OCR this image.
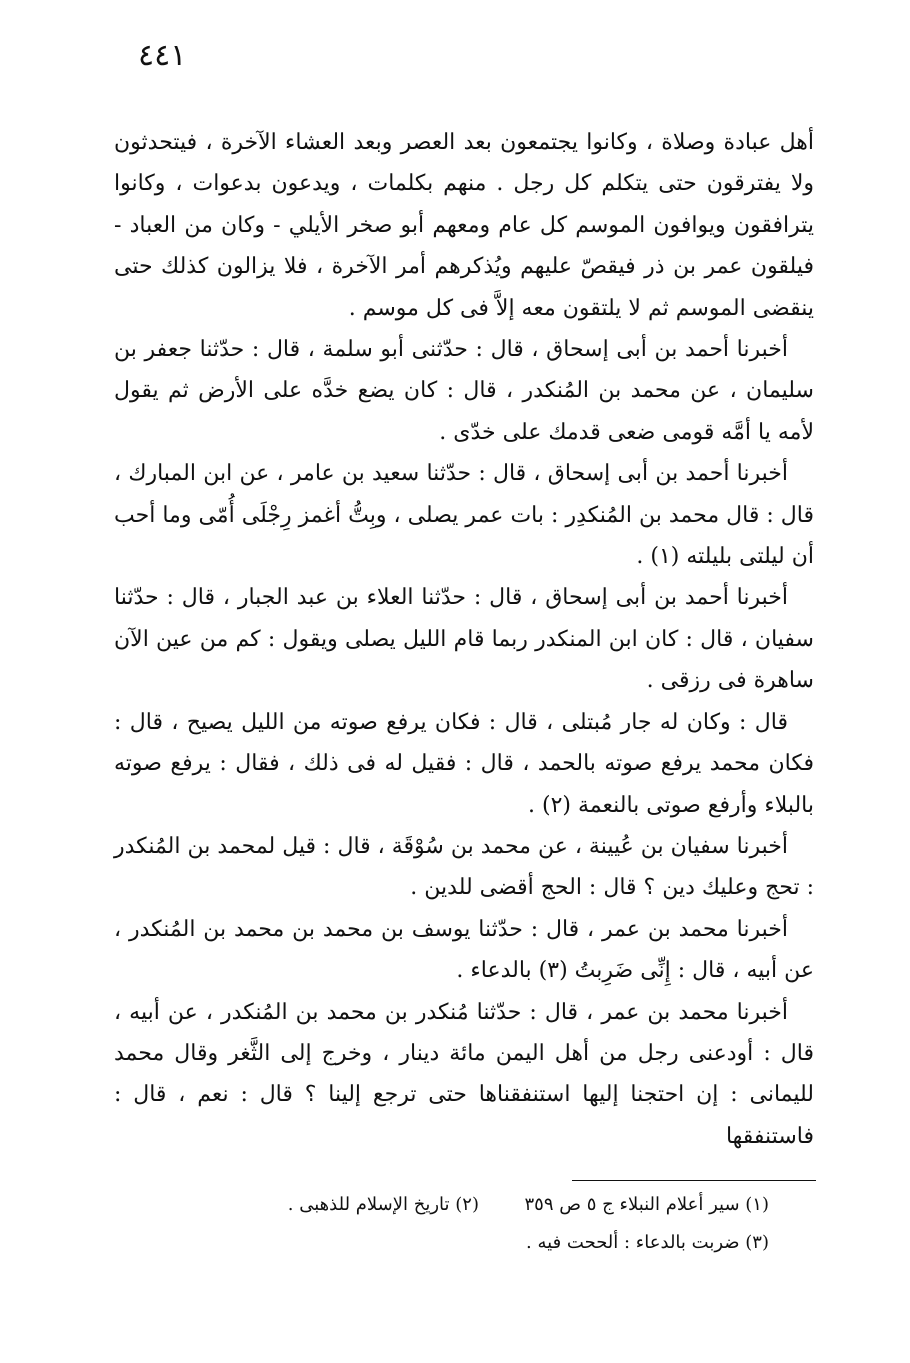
٤٤١

أهل عبادة وصلاة ، وكانوا يجتمعون بعد العصر وبعد العشاء الآخرة ، فيتحدثون ولا يفترقون حتى يتكلم كل رجل . منهم بكلمات ، ويدعون بدعوات ، وكانوا يترافقون ويوافون الموسم كل عام ومعهم أبو صخر الأيلي - وكان من العباد - فيلقون عمر بن ذر فيقصّ عليهم ويُذكرهم أمر الآخرة ، فلا يزالون كذلك حتى ينقضى الموسم ثم لا يلتقون معه إلاَّ فى كل موسم .

أخبرنا أحمد بن أبى إسحاق ، قال : حدّثنى أبو سلمة ، قال : حدّثنا جعفر بن سليمان ، عن محمد بن المُنكدر ، قال : كان يضع خدَّه على الأرض ثم يقول لأمه يا أمَّه قومى ضعى قدمك على خدّى .

أخبرنا أحمد بن أبى إسحاق ، قال : حدّثنا سعيد بن عامر ، عن ابن المبارك ، قال : قال محمد بن المُنكدِر : بات عمر يصلى ، وبِتُّ أغمز رِجْلَى أُمّى وما أحب أن ليلتى بليلته (١) .

أخبرنا أحمد بن أبى إسحاق ، قال : حدّثنا العلاء بن عبد الجبار ، قال : حدّثنا سفيان ، قال : كان ابن المنكدر ربما قام الليل يصلى ويقول : كم من عين الآن ساهرة فى رزقى .

قال : وكان له جار مُبتلى ، قال : فكان يرفع صوته من الليل يصيح ، قال : فكان محمد يرفع صوته بالحمد ، قال : فقيل له فى ذلك ، فقال : يرفع صوته بالبلاء وأرفع صوتى بالنعمة (٢) .

أخبرنا سفيان بن عُيينة ، عن محمد بن سُوْقَة ، قال : قيل لمحمد بن المُنكدر : تحج وعليك دين ؟ قال : الحج أقضى للدين .

أخبرنا محمد بن عمر ، قال : حدّثنا يوسف بن محمد بن محمد بن المُنكدر ، عن أبيه ، قال : إِنِّى ضَرِبتُ (٣) بالدعاء .

أخبرنا محمد بن عمر ، قال : حدّثنا مُنكدر بن محمد بن المُنكدر ، عن أبيه ، قال : أودعنى رجل من أهل اليمن مائة دينار ، وخرج إلى الثَّغر وقال محمد لليمانى : إن احتجنا إليها استنفقناها حتى ترجع إلينا ؟ قال : نعم ، قال : فاستنفقها

(١) سير أعلام النبلاء ج ٥ ص ٣٥٩
(٢) تاريخ الإسلام للذهبى .
(٣) ضربت بالدعاء : ألححت فيه .
